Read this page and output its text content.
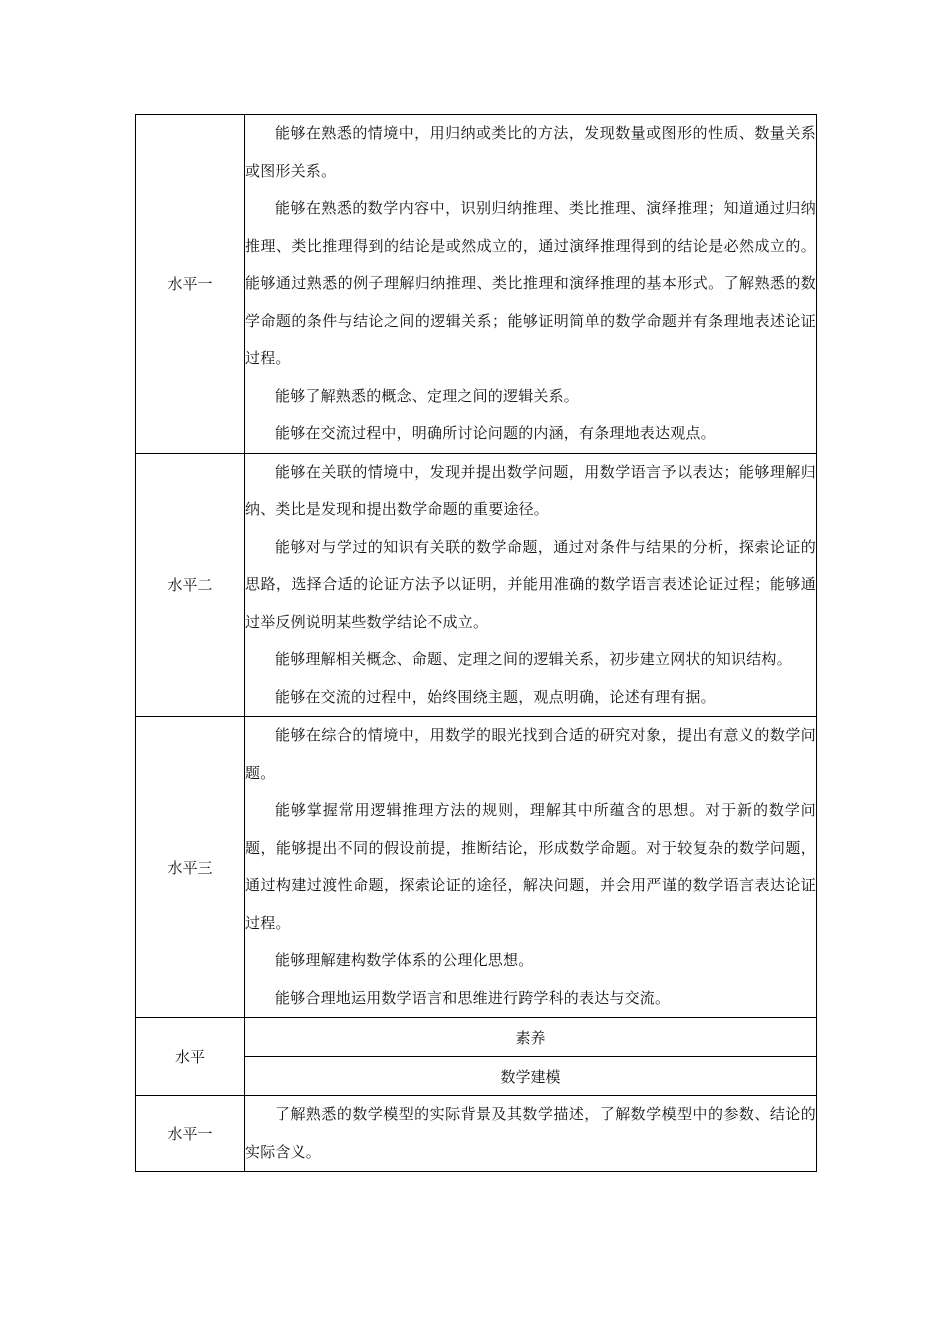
水平一	能够在熟悉的情境中，用归纳或类比的方法，发现数量或图形的性质、数量关系或图形关系。

能够在熟悉的数学内容中，识别归纳推理、类比推理、演绎推理；知道通过归纳推理、类比推理得到的结论是或然成立的，通过演绎推理得到的结论是必然成立的。能够通过熟悉的例子理解归纳推理、类比推理和演绎推理的基本形式。了解熟悉的数学命题的条件与结论之间的逻辑关系；能够证明简单的数学命题并有条理地表述论证过程。

能够了解熟悉的概念、定理之间的逻辑关系。

能够在交流过程中，明确所讨论问题的内涵，有条理地表达观点。

水平二	能够在关联的情境中，发现并提出数学问题，用数学语言予以表达；能够理解归纳、类比是发现和提出数学命题的重要途径。

能够对与学过的知识有关联的数学命题，通过对条件与结果的分析，探索论证的思路，选择合适的论证方法予以证明，并能用准确的数学语言表述论证过程；能够通过举反例说明某些数学结论不成立。

能够理解相关概念、命题、定理之间的逻辑关系，初步建立网状的知识结构。

能够在交流的过程中，始终围绕主题，观点明确，论述有理有据。

水平三	能够在综合的情境中，用数学的眼光找到合适的研究对象，提出有意义的数学问题。

能够掌握常用逻辑推理方法的规则，理解其中所蕴含的思想。对于新的数学问题，能够提出不同的假设前提，推断结论，形成数学命题。对于较复杂的数学问题，通过构建过渡性命题，探索论证的途径，解决问题，并会用严谨的数学语言表达论证过程。

能够理解建构数学体系的公理化思想。

能够合理地运用数学语言和思维进行跨学科的表达与交流。

水平	素养
	数学建模
水平一	了解熟悉的数学模型的实际背景及其数学描述，了解数学模型中的参数、结论的实际含义。
